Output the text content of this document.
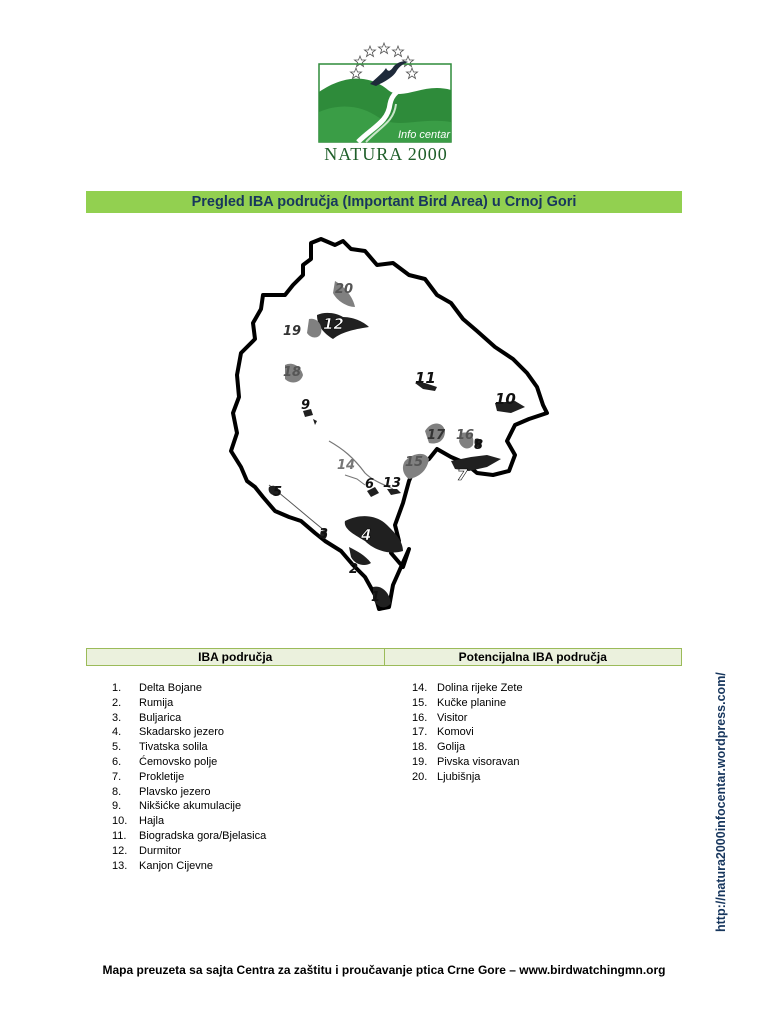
Info centar
NATURA 2000
Pregled IBA područja (Important Bird Area) u Crnoj Gori
20
12
19
18	11
10
9
17 16
8
15
14
7
6 13
5
3 4
2
1
IBA područja	Potencijalna IBA područja
1.	Delta Bojane
2.	Rumija
3.	Buljarica
4.	Skadarsko jezero
5.	Tivatska solila
6.	Ćemovsko polje
7.	Prokletije
8.	Plavsko jezero
9.	Nikšićke akumulacije
10.	Hajla
11.	Biogradska gora/Bjelasica
12.	Durmitor
13.	Kanjon Cijevne
14. Dolina rijeke Zete
15. Kučke planine
16. Visitor
17. Komovi
18. Golija
19. Pivska visoravan
20. Ljubišnja	http://natura2000infocentar.wordpress.com/
Mapa preuzeta sa sajta Centra za zaštitu i proučavanje ptica Crne Gore – www.birdwatchingmn.org
